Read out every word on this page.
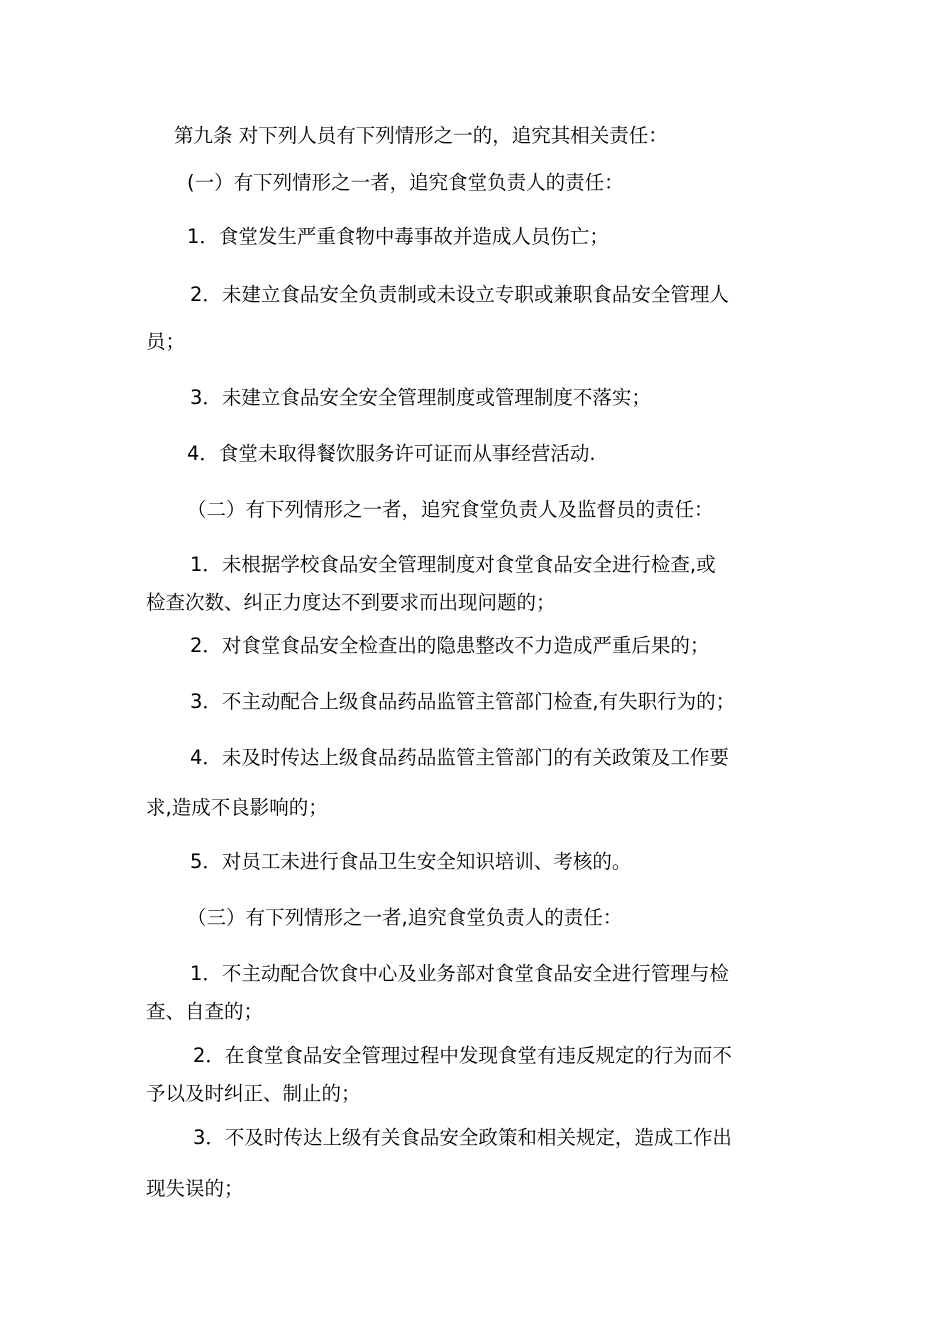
第九条 对下列人员有下列情形之一的，追究其相关责任：
(一）有下列情形之一者，追究食堂负责人的责任：
1．食堂发生严重食物中毒事故并造成人员伤亡；
2．未建立食品安全负责制或未设立专职或兼职食品安全管理人
员；
3．未建立食品安全安全管理制度或管理制度不落实；
4．食堂未取得餐饮服务许可证而从事经营活动.
（二）有下列情形之一者，追究食堂负责人及监督员的责任：
1．未根据学校食品安全管理制度对食堂食品安全进行检查,或
检查次数、纠正力度达不到要求而出现问题的；
2．对食堂食品安全检查出的隐患整改不力造成严重后果的；
3．不主动配合上级食品药品监管主管部门检查,有失职行为的；
4．未及时传达上级食品药品监管主管部门的有关政策及工作要
求,造成不良影响的；
5．对员工未进行食品卫生安全知识培训、考核的。
（三）有下列情形之一者,追究食堂负责人的责任：
1．不主动配合饮食中心及业务部对食堂食品安全进行管理与检
查、自查的；
2．在食堂食品安全管理过程中发现食堂有违反规定的行为而不
予以及时纠正、制止的；
3．不及时传达上级有关食品安全政策和相关规定，造成工作出
现失误的；
